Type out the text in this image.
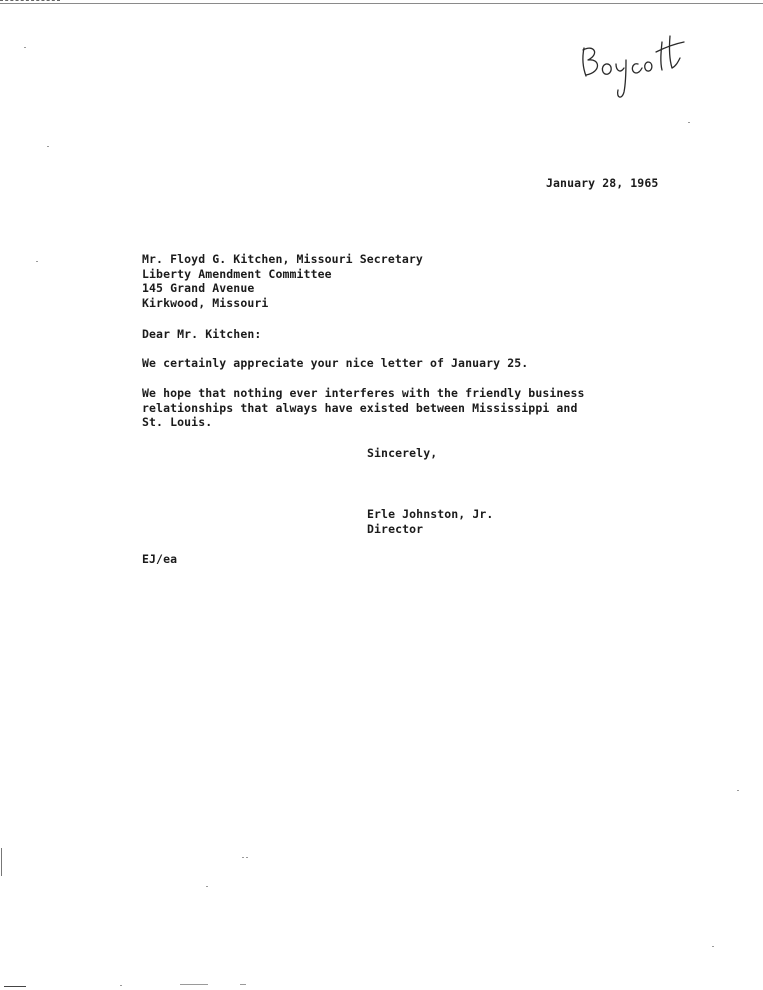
January 28, 1965
Mr. Floyd G. Kitchen, Missouri Secretary
Liberty Amendment Committee
145 Grand Avenue
Kirkwood, Missouri
Dear Mr. Kitchen:
We certainly appreciate your nice letter of January 25.
We hope that nothing ever interferes with the friendly business
relationships that always have existed between Mississippi and
St. Louis.
Sincerely,
Erle Johnston, Jr.
Director
EJ/ea
